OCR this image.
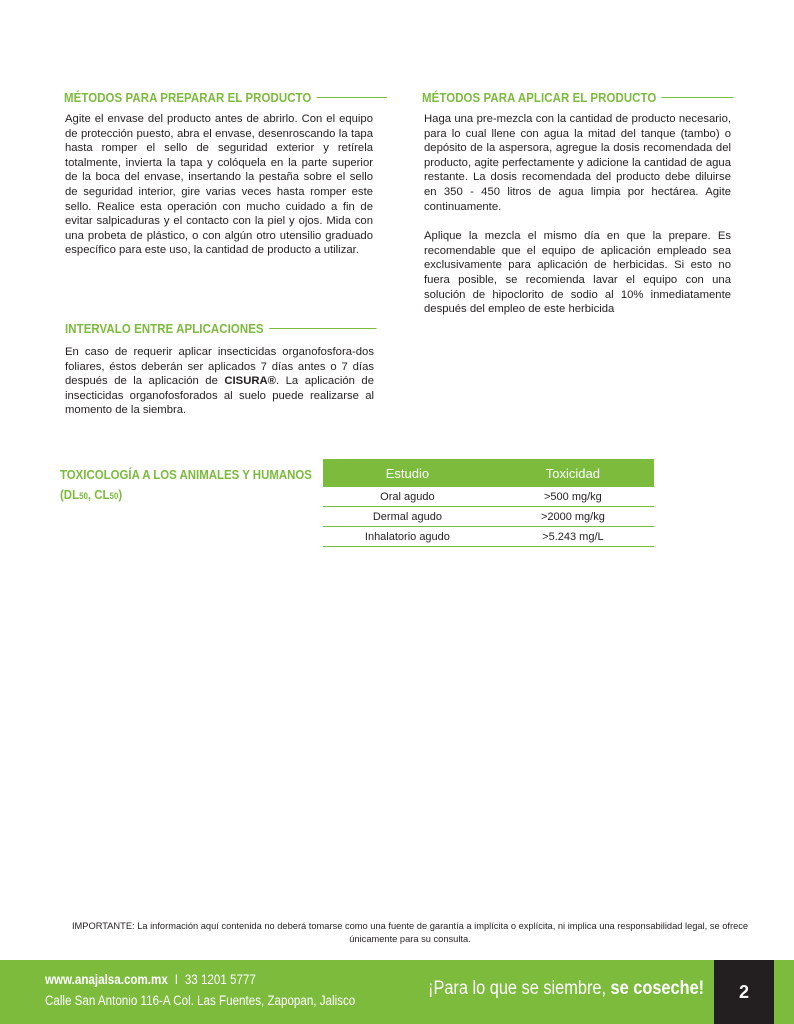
MÉTODOS PARA PREPARAR EL PRODUCTO

Agite el envase del producto antes de abrirlo. Con el equipo de protección puesto, abra el envase, desenroscando la tapa hasta romper el sello de seguridad exterior y retírela totalmente, invierta la tapa y colóquela en la parte superior de la boca del envase, insertando la pestaña sobre el sello de seguridad interior, gire varias veces hasta romper este sello. Realice esta operación con mucho cuidado a fin de evitar salpicaduras y el contacto con la piel y ojos. Mida con una probeta de plástico, o con algún otro utensilio graduado específico para este uso, la cantidad de producto a utilizar.

INTERVALO ENTRE APLICACIONES

En caso de requerir aplicar insecticidas organofosfora-dos foliares, éstos deberán ser aplicados 7 días antes o 7 días después de la aplicación de CISURA®. La aplicación de insecticidas organofosforados al suelo puede realizarse al momento de la siembra.

MÉTODOS PARA APLICAR EL PRODUCTO

Haga una pre-mezcla con la cantidad de producto necesario, para lo cual llene con agua la mitad del tanque (tambo) o depósito de la aspersora, agregue la dosis recomendada del producto, agite perfectamente y adicione la cantidad de agua restante. La dosis recomendada del producto debe diluirse en 350 - 450 litros de agua limpia por hectárea. Agite continuamente.

Aplique la mezcla el mismo día en que la prepare. Es recomendable que el equipo de aplicación empleado sea exclusivamente para aplicación de herbicidas. Si esto no fuera posible, se recomienda lavar el equipo con una solución de hipoclorito de sodio al 10% inmediatamente después del empleo de este herbicida

TOXICOLOGÍA A LOS ANIMALES Y HUMANOS
(DL50, CL50)
Estudio	Toxicidad
Oral agudo	>500 mg/kg
Dermal agudo	>2000 mg/kg
Inhalatorio agudo	>5.243 mg/L
IMPORTANTE: La información aquí contenida no deberá tomarse como una fuente de garantía a implícita o explícita, ni implica una responsabilidad legal, se ofrece únicamente para su consulta.
www.anajalsa.com.mx I 33 1201 5777
Calle San Antonio 116-A Col. Las Fuentes, Zapopan, Jalisco
¡Para lo que se siembre, se coseche!	2
